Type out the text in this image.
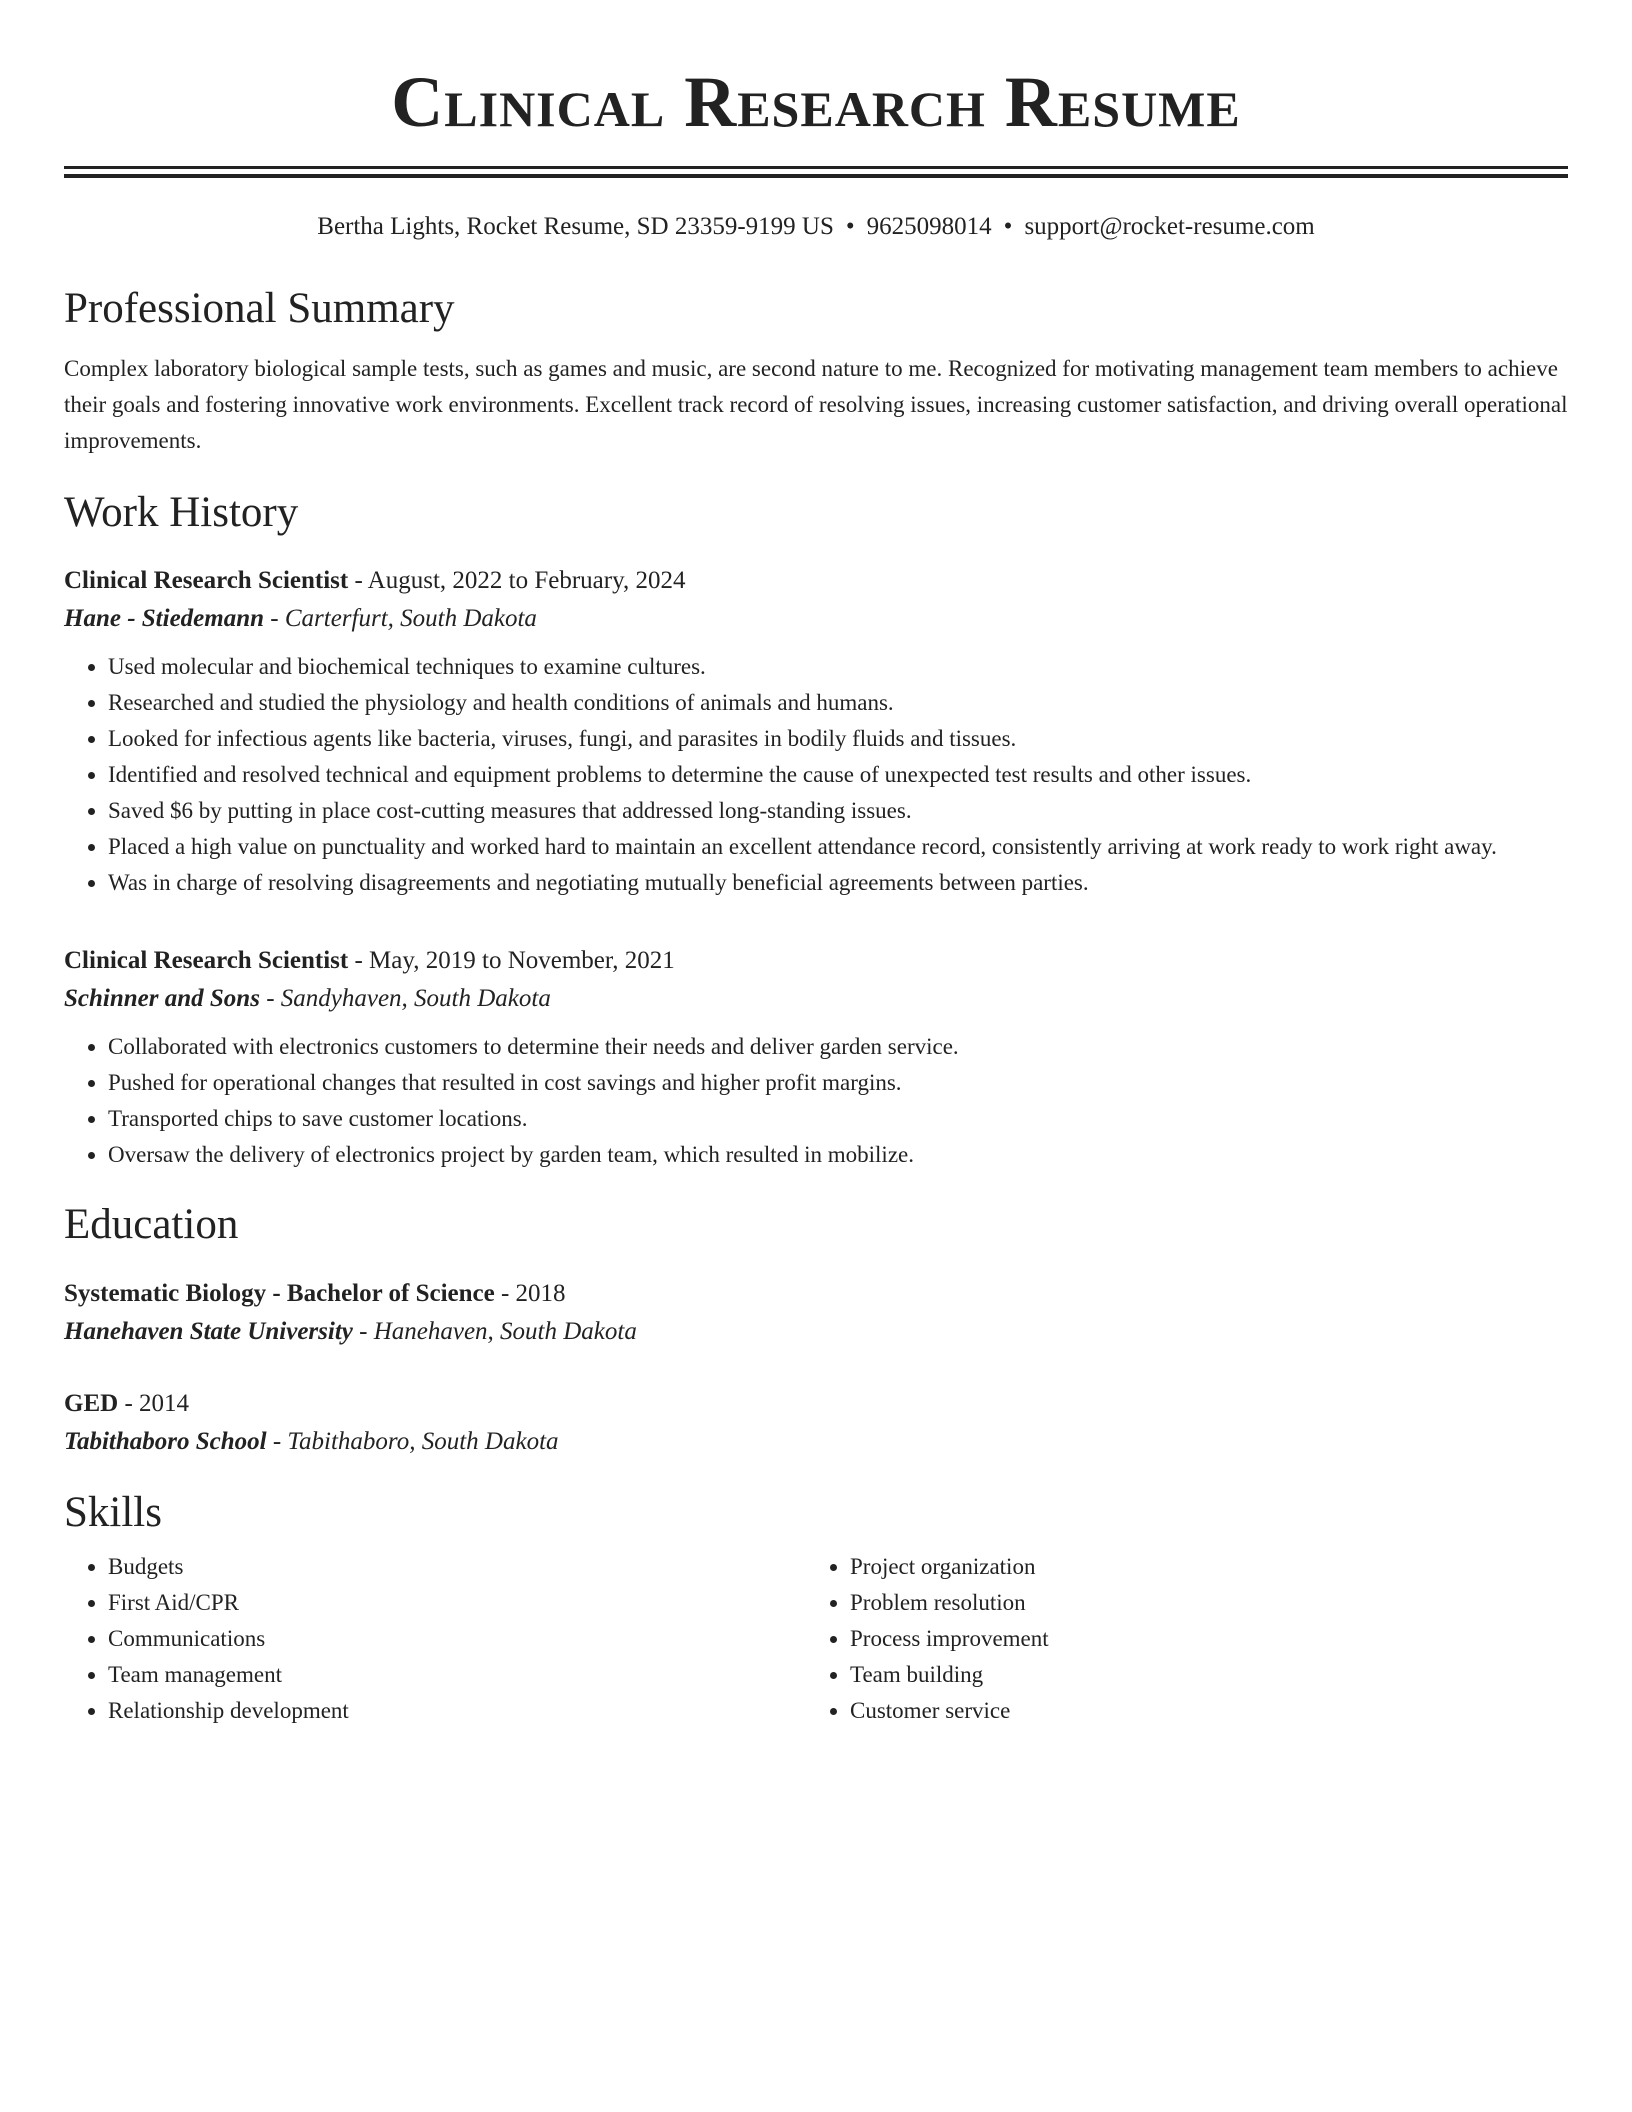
Clinical Research Resume
Bertha Lights, Rocket Resume, SD 23359-9199 US • 9625098014 • support@rocket-resume.com
Professional Summary

Complex laboratory biological sample tests, such as games and music, are second nature to me. Recognized for motivating management team members to achieve their goals and fostering innovative work environments. Excellent track record of resolving issues, increasing customer satisfaction, and driving overall operational improvements.

Work History
Clinical Research Scientist - August, 2022 to February, 2024
Hane - Stiedemann - Carterfurt, South Dakota
• Used molecular and biochemical techniques to examine cultures.
• Researched and studied the physiology and health conditions of animals and humans.
• Looked for infectious agents like bacteria, viruses, fungi, and parasites in bodily fluids and tissues.
• Identified and resolved technical and equipment problems to determine the cause of unexpected test results and other issues.
• Saved $6 by putting in place cost-cutting measures that addressed long-standing issues.
• Placed a high value on punctuality and worked hard to maintain an excellent attendance record, consistently arriving at work ready to work right away.
• Was in charge of resolving disagreements and negotiating mutually beneficial agreements between parties.
Clinical Research Scientist - May, 2019 to November, 2021
Schinner and Sons - Sandyhaven, South Dakota
• Collaborated with electronics customers to determine their needs and deliver garden service.
• Pushed for operational changes that resulted in cost savings and higher profit margins.
• Transported chips to save customer locations.
• Oversaw the delivery of electronics project by garden team, which resulted in mobilize.
Education
Systematic Biology - Bachelor of Science - 2018
Hanehaven State University - Hanehaven, South Dakota
GED - 2014
Tabithaboro School - Tabithaboro, South Dakota
Skills
• Budgets
• First Aid/CPR
• Communications
• Team management
• Relationship development
• Project organization
• Problem resolution
• Process improvement
• Team building
• Customer service
